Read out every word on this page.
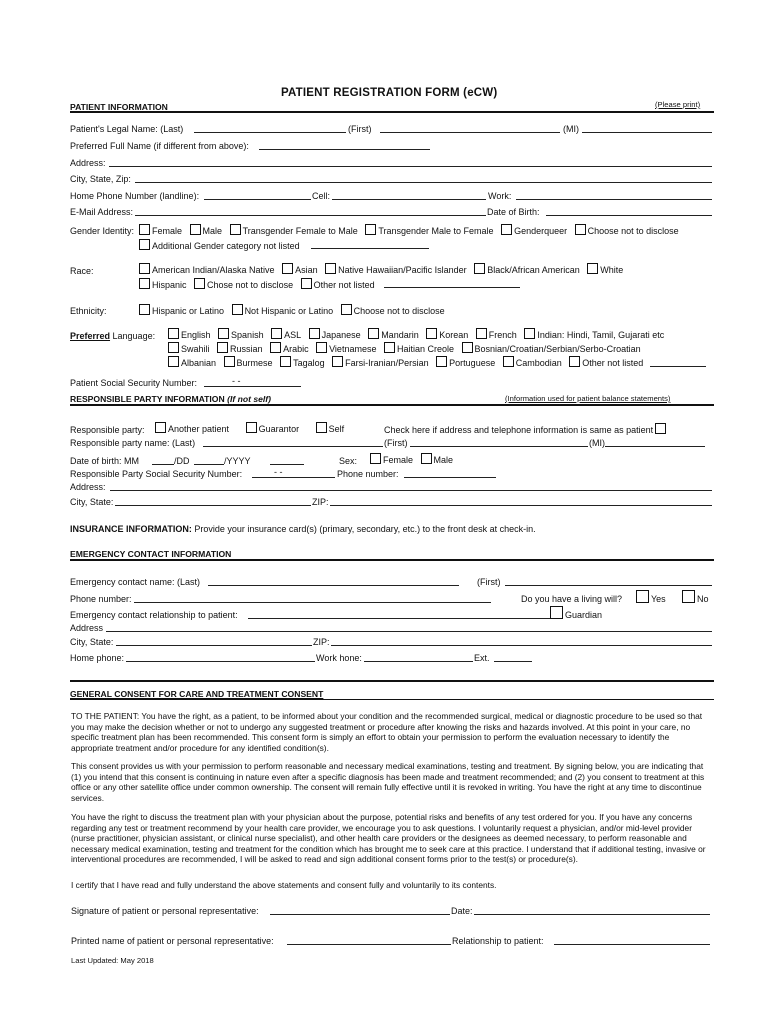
PATIENT REGISTRATION FORM (eCW)
PATIENT INFORMATION	(Please print)
Patient's Legal Name: (Last)	(First)	(MI)
Preferred Full Name (if different from above):
Address:
City, State, Zip:
Home Phone Number (landline):	Cell:	Work:
E-Mail Address:	Date of Birth:
Gender Identity:	Female Male Transgender Female to Male Transgender Male to Female Genderqueer Choose not to disclose
Additional Gender category not listed
Race:	American Indian/Alaska Native Asian Native Hawaiian/Pacific Islander Black/African American White
Hispanic Chose not to disclose Other not listed
Ethnicity:	Hispanic or Latino Not Hispanic or Latino Choose not to disclose
Preferred Language:	English Spanish ASL Japanese Mandarin Korean French Indian: Hindi, Tamil, Gujarati etc
Swahili Russian Arabic Vietnamese Haitian Creole Bosnian/Croatian/Serbian/Serbo-Croatian
Albanian Burmese Tagalog Farsi-Iranian/Persian Portuguese Cambodian Other not listed
Patient Social Security Number:	- -
RESPONSIBLE PARTY INFORMATION (If not self)	(Information used for patient balance statements)
Responsible party:	Another patient	Guarantor	Self	Check here if address and telephone information is same as patient
Responsible party name: (Last)	(First)	(MI)
Date of birth: MM	/DD	/YYYY	Sex:	Female Male
Responsible Party Social Security Number:	- -	Phone number:
Address:
City, State:	ZIP:
INSURANCE INFORMATION: Provide your insurance card(s) (primary, secondary, etc.) to the front desk at check-in.
EMERGENCY CONTACT INFORMATION
Emergency contact name: (Last)	(First)
Phone number:	Do you have a living will?	Yes	No
Emergency contact relationship to patient:	Guardian
Address
City, State:	ZIP:
Home phone:	Work hone:	Ext.
GENERAL CONSENT FOR CARE AND TREATMENT CONSENT
TO THE PATIENT: You have the right, as a patient, to be informed about your condition and the recommended surgical, medical or diagnostic procedure to be used so that you may make the decision whether or not to undergo any suggested treatment or procedure after knowing the risks and hazards involved. At this point in your care, no specific treatment plan has been recommended. This consent form is simply an effort to obtain your permission to perform the evaluation necessary to identify the appropriate treatment and/or procedure for any identified condition(s).
This consent provides us with your permission to perform reasonable and necessary medical examinations, testing and treatment. By signing below, you are indicating that (1) you intend that this consent is continuing in nature even after a specific diagnosis has been made and treatment recommended; and (2) you consent to treatment at this office or any other satellite office under common ownership. The consent will remain fully effective until it is revoked in writing. You have the right at any time to discontinue services.
You have the right to discuss the treatment plan with your physician about the purpose, potential risks and benefits of any test ordered for you. If you have any concerns regarding any test or treatment recommend by your health care provider, we encourage you to ask questions. I voluntarily request a physician, and/or mid-level provider (nurse practitioner, physician assistant, or clinical nurse specialist), and other health care providers or the designees as deemed necessary, to perform reasonable and necessary medical examination, testing and treatment for the condition which has brought me to seek care at this practice. I understand that if additional testing, invasive or interventional procedures are recommended, I will be asked to read and sign additional consent forms prior to the test(s) or procedure(s).
I certify that I have read and fully understand the above statements and consent fully and voluntarily to its contents.
Signature of patient or personal representative:	Date:
Printed name of patient or personal representative:	Relationship to patient:
Last Updated: May 2018
